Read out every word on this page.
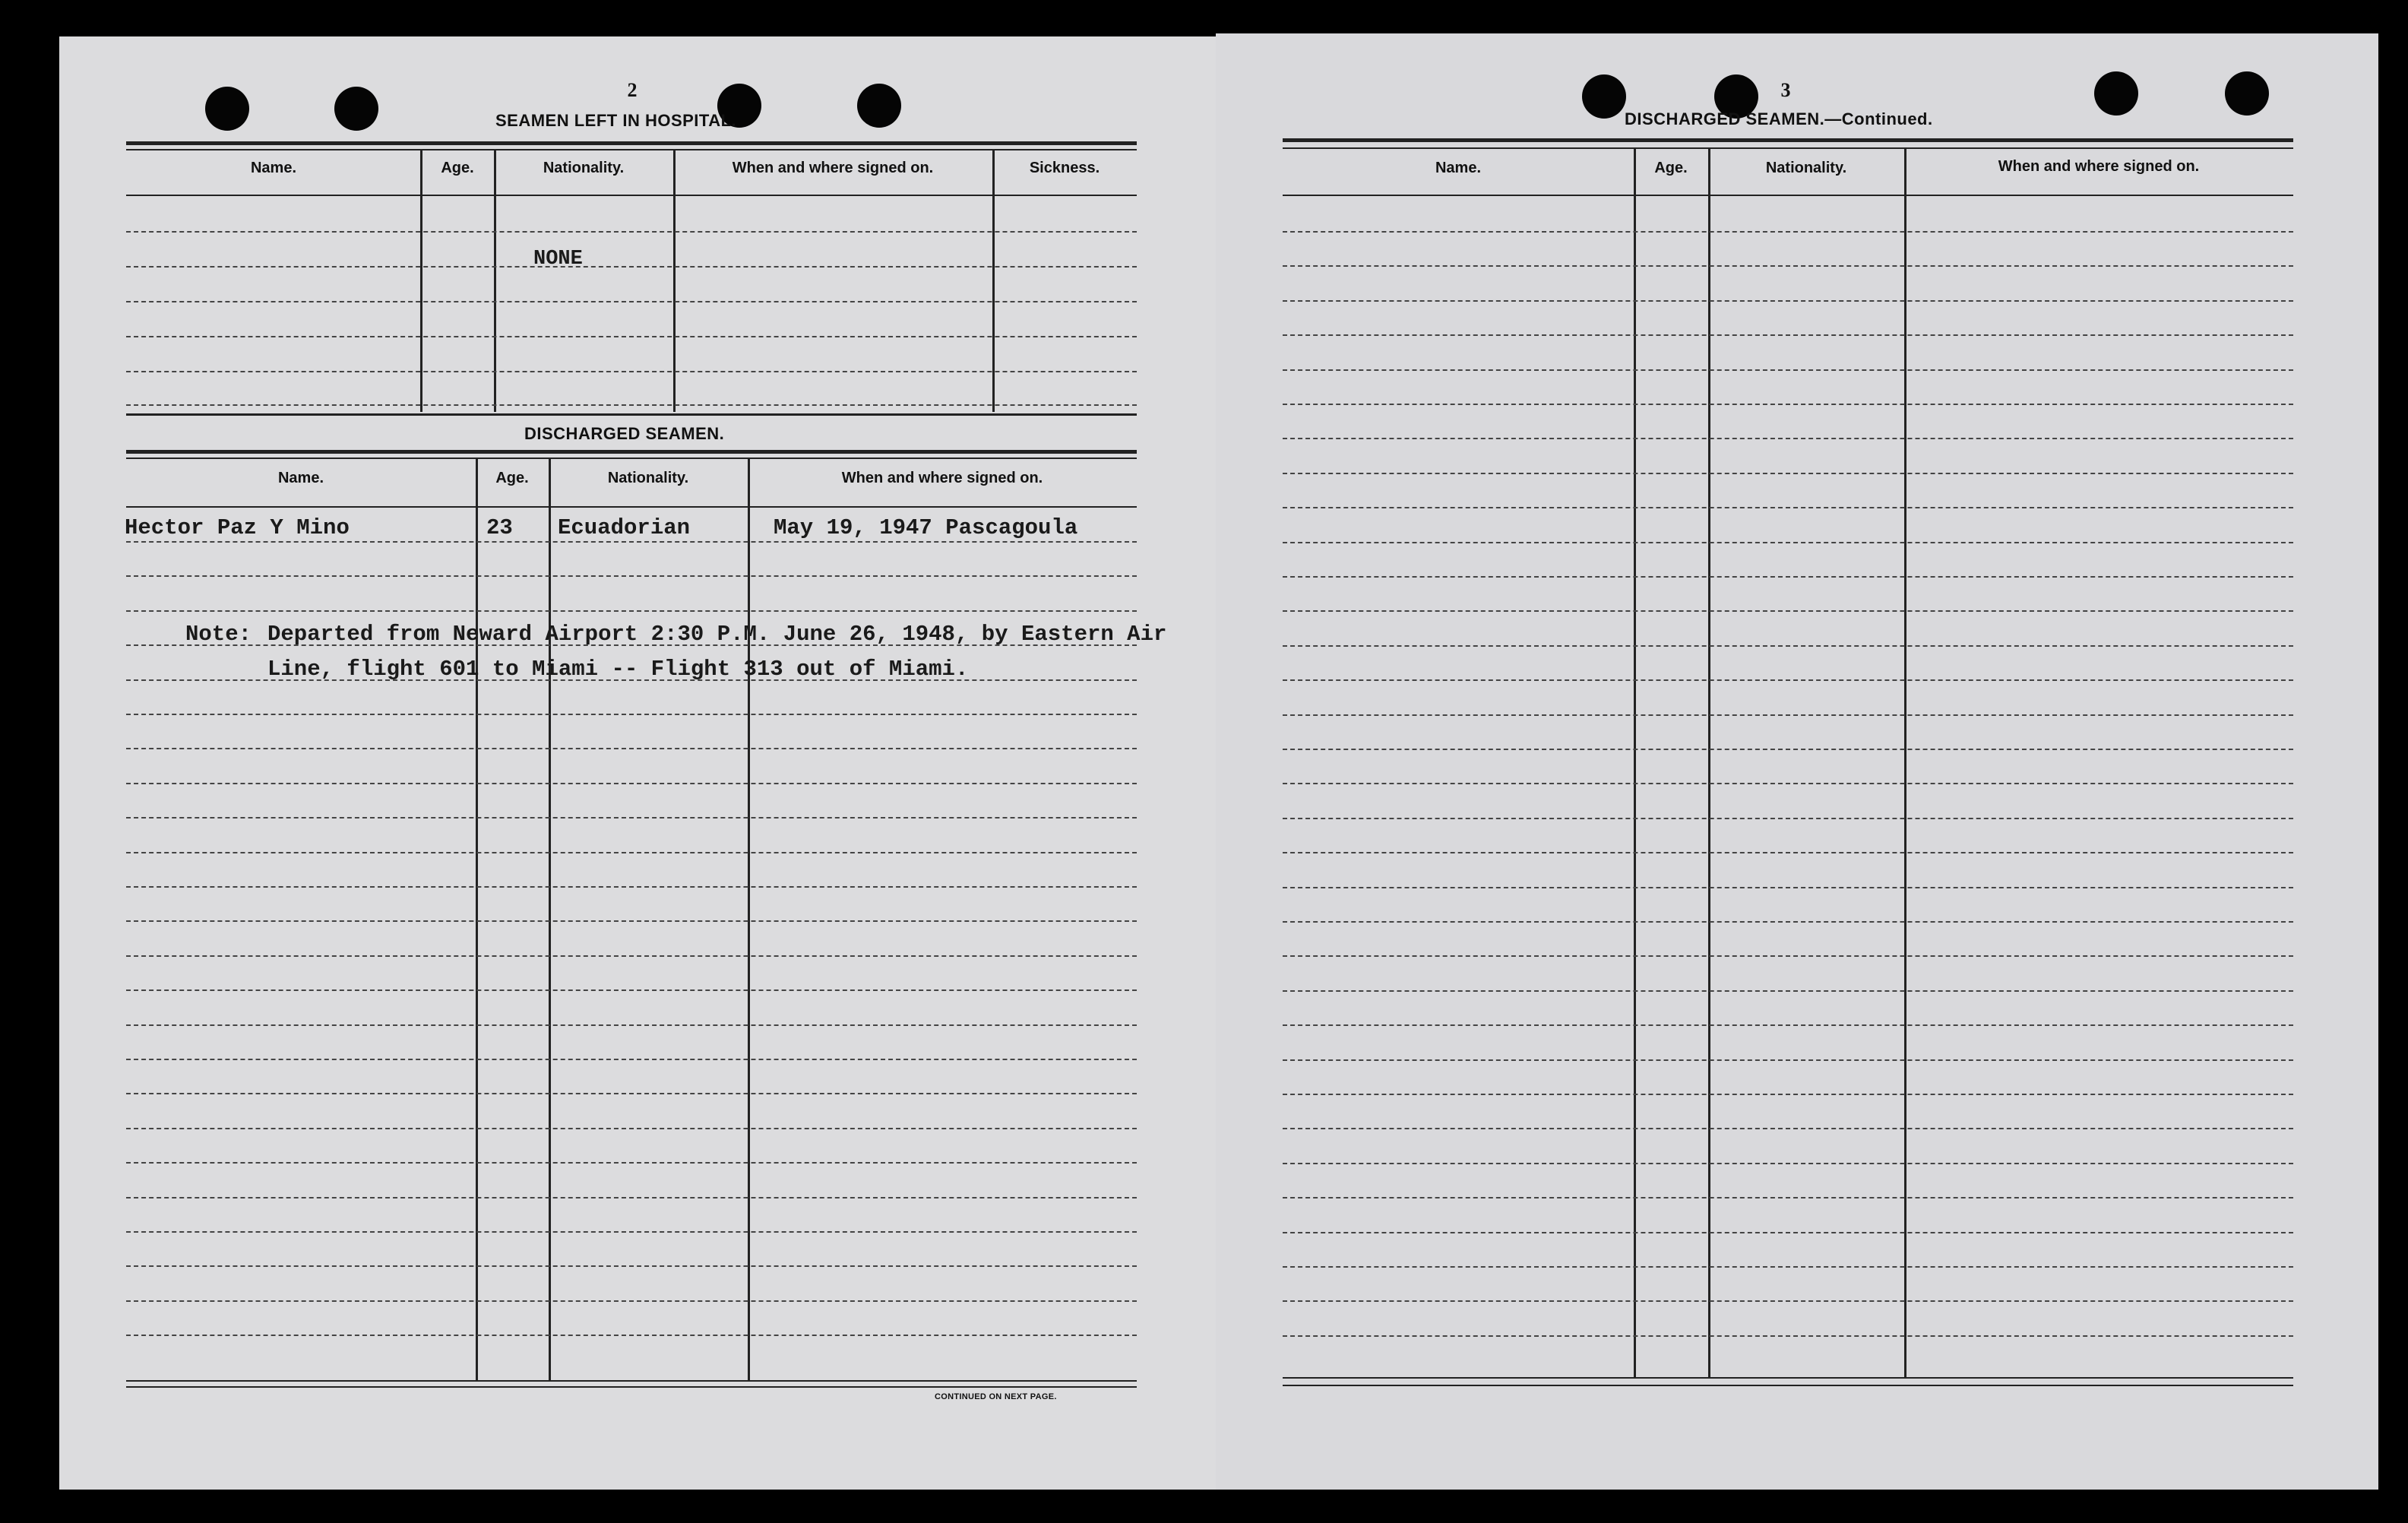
2
SEAMEN LEFT IN HOSPITAL.
Name.	Age.	Nationality.	When and where signed on.	Sickness.
NONE
DISCHARGED SEAMEN.
Name.	Age.	Nationality.	When and where signed on.
Hector Paz Y Mino	23 Ecuadorian	May 19, 1947 Pascagoula
Note: Departed from Neward Airport 2:30 P.M. June 26, 1948, by Eastern Air
Line, flight 601 to Miami -- Flight 313 out of Miami.
CONTINUED ON NEXT PAGE.
3
DISCHARGED SEAMEN.—Continued.
Name.	Age.	Nationality.	When and where signed on.
